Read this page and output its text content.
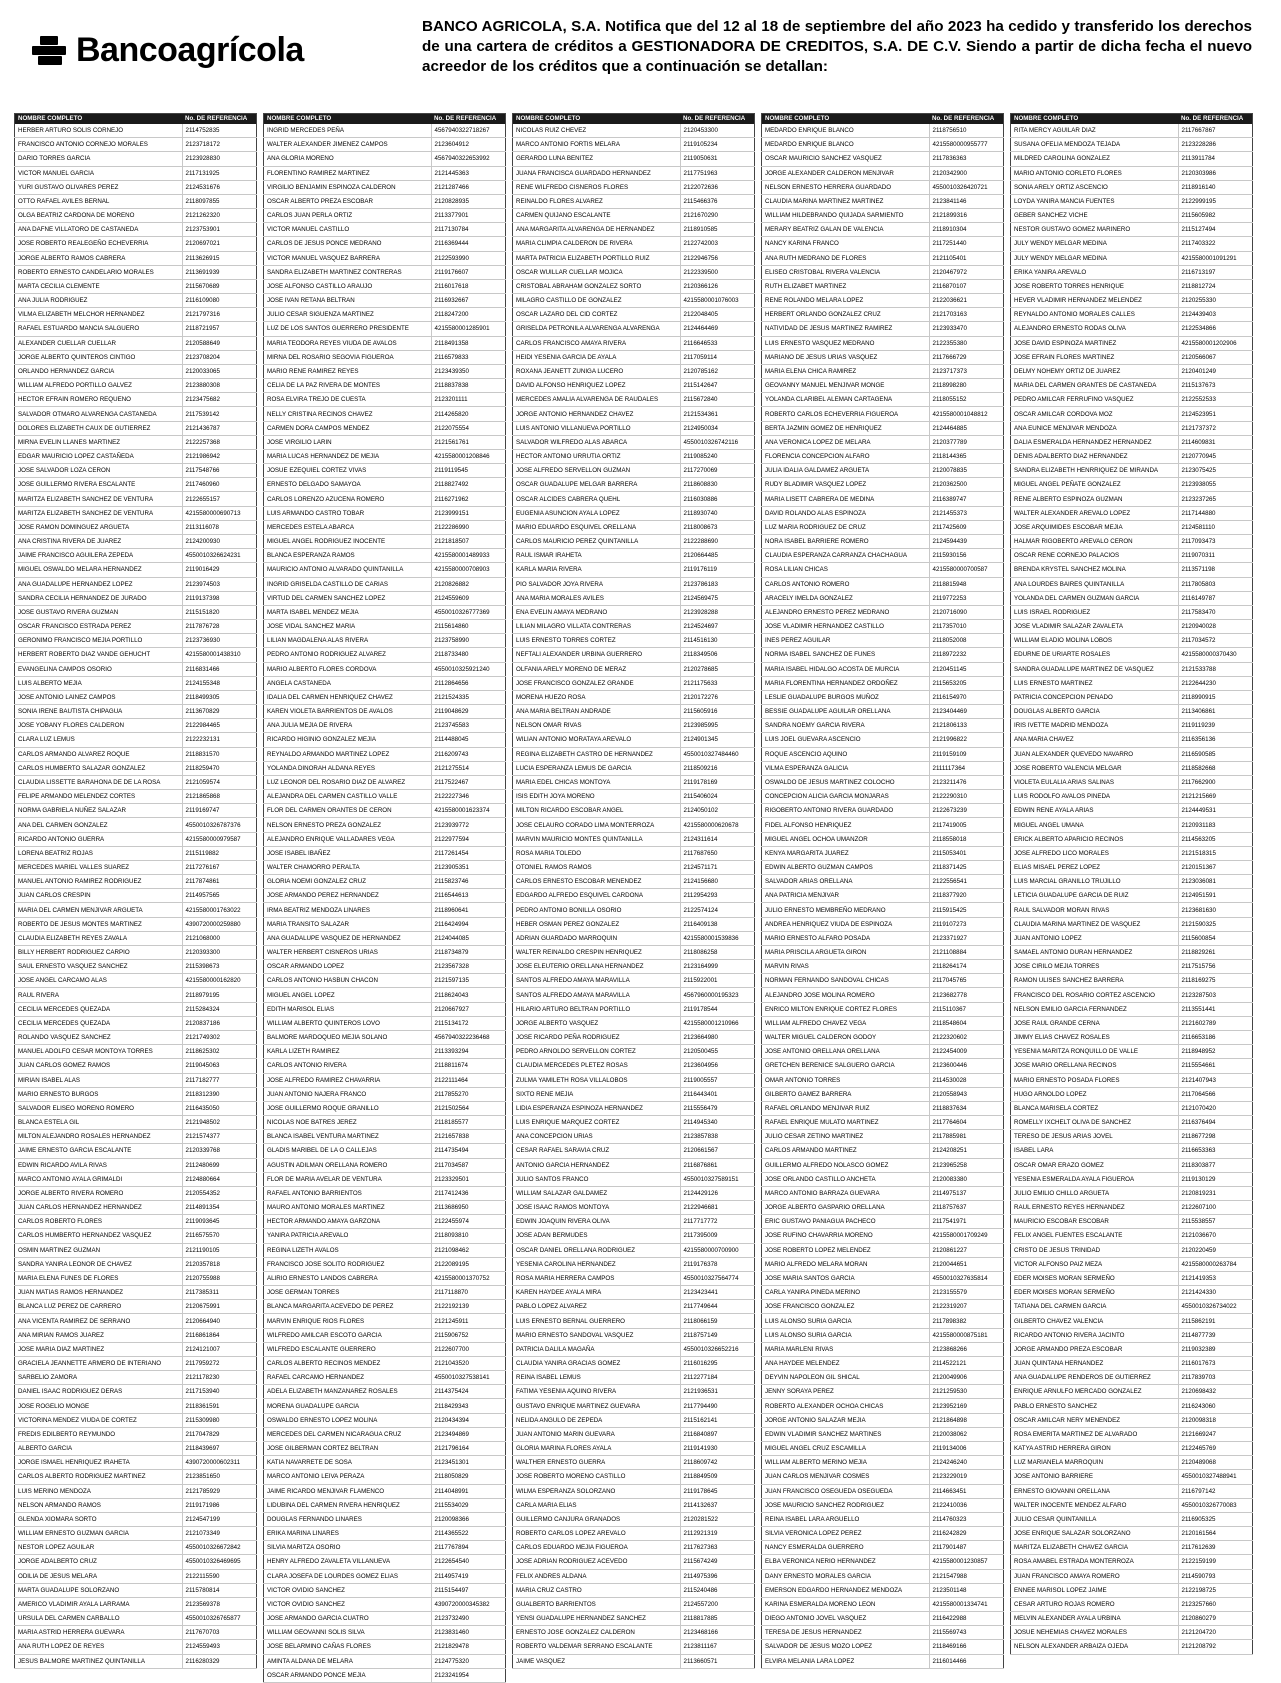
Bancoagrícola
BANCO AGRICOLA, S.A. Notifica que del 12 al 18 de septiembre del año 2023 ha cedido y transferido los derechos de una cartera de créditos a GESTIONADORA DE CREDITOS, S.A. DE C.V. Siendo a partir de dicha fecha el nuevo acreedor de los créditos que a continuación se detallan:
NOMBRE COMPLETO	No. DE REFERENCIA
HERBER ARTURO SOLIS CORNEJO	2114752835
FRANCISCO ANTONIO CORNEJO MORALES	2123718172
DARIO TORRES GARCIA	2123928830
VICTOR MANUEL GARCIA	2117131925
YURI GUSTAVO OLIVARES PEREZ	2124531676
OTTO RAFAEL AVILES BERNAL	2118097855
OLGA BEATRIZ CARDONA DE MORENO	2121262320
ANA DAFNE VILLATORO DE CASTANEDA	2123753901
JOSE ROBERTO REALEGEÑO ECHEVERRIA	2120697021
JORGE ALBERTO RAMOS CABRERA	2113626915
ROBERTO ERNESTO CANDELARIO MORALES	2113691939
MARTA CECILIA CLEMENTE	2115670689
ANA JULIA RODRIGUEZ	2116109080
VILMA ELIZABETH MELCHOR HERNANDEZ	2121797316
RAFAEL ESTUARDO MANCIA SALGUERO	2118721957
ALEXANDER CUELLAR CUELLAR	2120588649
JORGE ALBERTO QUINTEROS CINTIGO	2123708204
ORLANDO HERNANDEZ GARCIA	2120033065
WILLIAM ALFREDO PORTILLO GALVEZ	2123880308
HECTOR EFRAIN ROMERO REQUENO	2123475682
SALVADOR OTMARO ALVARENGA CASTANEDA	2117539142
DOLORES ELIZABETH CAUX DE GUTIERREZ	2121436787
MIRNA EVELIN LLANES MARTINEZ	2122257368
EDGAR MAURICIO LOPEZ CASTAÑEDA	2121986942
JOSE SALVADOR LOZA CERON	2117548766
JOSE GUILLERMO RIVERA ESCALANTE	2117460960
MARITZA ELIZABETH SANCHEZ DE VENTURA	2122655157
MARITZA ELIZABETH SANCHEZ DE VENTURA	4215580000690713
JOSE RAMON DOMINGUEZ ARGUETA	2113116078
ANA CRISTINA RIVERA DE JUAREZ	2124200930
JAIME FRANCISCO AGUILERA ZEPEDA	4550010326624231
MIGUEL OSWALDO MELARA HERNANDEZ	2119016429
ANA GUADALUPE HERNANDEZ LOPEZ	2123974503
SANDRA CECILIA HERNANDEZ DE JURADO	2119137398
JOSE GUSTAVO RIVERA GUZMAN	2115151820
OSCAR FRANCISCO ESTRADA PEREZ	2117876728
GERONIMO FRANCISCO MEJIA PORTILLO	2123736930
HERBERT ROBERTO DIAZ VANDE GEHUCHT	4215580001438310
EVANGELINA CAMPOS OSORIO	2116831466
LUIS ALBERTO MEJIA	2124155348
JOSE ANTONIO LAINEZ CAMPOS	2118499305
SONIA IRENE BAUTISTA CHIPAGUA	2113670829
JOSE YOBANY FLORES CALDERON	2122984465
CLARA LUZ LEMUS	2122232131
CARLOS ARMANDO ALVAREZ ROQUE	2118831570
CARLOS HUMBERTO SALAZAR GONZALEZ	2118259470
CLAUDIA LISSETTE BARAHONA DE DE LA ROSA	2121059574
FELIPE ARMANDO MELENDEZ CORTES	2121865868
NORMA GABRIELA NUÑEZ SALAZAR	2119169747
ANA DEL CARMEN GONZALEZ	4550010326787376
RICARDO ANTONIO GUERRA	4215580000979587
LORENA BEATRIZ ROJAS	2115119882
MERCEDES MARIEL VALLES SUAREZ	2117276167
MANUEL ANTONIO RAMIREZ RODRIGUEZ	2117874861
JUAN CARLOS CRESPIN	2114957565
MARIA DEL CARMEN MENJIVAR ARGUETA	4215580001763022
ROBERTO DE JESUS MONTES MARTINEZ	4390720000259880
CLAUDIA ELIZABETH REYES ZAVALA	2121068000
BILLY HERBERT RODRIGUEZ CARPIO	2120393300
SAUL ERNESTO VASQUEZ SANCHEZ	2115398673
JOSE ANGEL CARCAMO ALAS	4215580000162820
RAUL RIVERA	2118979195
CECILIA MERCEDES QUEZADA	2115284324
CECILIA MERCEDES QUEZADA	2120837186
ROLANDO VASQUEZ SANCHEZ	2121749302
MANUEL ADOLFO CESAR MONTOYA TORRES	2118625302
JUAN CARLOS GOMEZ RAMOS	2119045063
MIRIAN ISABEL ALAS	2117182777
MARIO ERNESTO BURGOS	2118312390
SALVADOR ELISEO MORENO ROMERO	2116435050
BLANCA ESTELA GIL	2121948502
MILTON ALEJANDRO ROSALES HERNANDEZ	2121574377
JAIME ERNESTO GARCIA ESCALANTE	2120339768
EDWIN RICARDO AVILA RIVAS	2112480699
MARCO ANTONIO AYALA GRIMALDI	2124880664
JORGE ALBERTO RIVERA ROMERO	2120554352
JUAN CARLOS HERNANDEZ HERNANDEZ	2114891354
CARLOS ROBERTO FLORES	2119093645
CARLOS HUMBERTO HERNANDEZ VASQUEZ	2116575570
OSMIN MARTINEZ GUZMAN	2121190105
SANDRA YANIRA LEONOR DE CHAVEZ	2120357818
MARIA ELENA FUNES DE FLORES	2120755988
JUAN MATIAS RAMOS HERNANDEZ	2117385311
BLANCA LUZ PEREZ DE CARRERO	2120675991
ANA VICENTA RAMIREZ DE SERRANO	2120664940
ANA MIRIAN RAMOS JUAREZ	2116861864
JOSE MARIA DIAZ MARTINEZ	2124121007
GRACIELA JEANNETTE ARMERO DE INTERIANO	2117959272
SARBELIO ZAMORA	2121178230
DANIEL ISAAC RODRIGUEZ DERAS	2117153940
JOSE ROGELIO MONGE	2118361591
VICTORINA MENDEZ VIUDA DE CORTEZ	2115309980
FREDIS EDILBERTO REYMUNDO	2117047829
ALBERTO GARCIA	2118439697
JORGE ISMAEL HENRIQUEZ IRAHETA	4390720000602311
CARLOS ALBERTO RODRIGUEZ MARTINEZ	2123851650
LUIS MERINO MENDOZA	2121785929
NELSON ARMANDO RAMOS	2119171986
GLENDA XIOMARA SORTO	2124547199
WILLIAM ERNESTO GUZMAN GARCIA	2121073349
NESTOR LOPEZ AGUILAR	4550010326672842
JORGE ADALBERTO CRUZ	4550010326469695
ODILIA DE JESUS MELARA	2122115590
MARTA GUADALUPE SOLORZANO	2115780814
AMERICO VLADIMIR AYALA LARRAMA	2123569378
URSULA DEL CARMEN CARBALLO	4550010326765877
MARIA ASTRID HERRERA GUEVARA	2117670703
ANA RUTH LOPEZ DE REYES	2124559493
JESUS BALMORE MARTINEZ QUINTANILLA	2116280329
NOMBRE COMPLETO	No. DE REFERENCIA
INGRID MERCEDES PEÑA	4567940322718267
WALTER ALEXANDER JIMENEZ CAMPOS	2123604912
ANA GLORIA MORENO	4567940322653992
FLORENTINO RAMIREZ MARTINEZ	2121445363
VIRGILIO BENJAMIN ESPINOZA CALDERON	2121287466
OSCAR ALBERTO PREZA ESCOBAR	2120828935
CARLOS JUAN PERLA ORTIZ	2113377901
VICTOR MANUEL CASTILLO	2117130784
CARLOS DE JESUS PONCE MEDRANO	2116369444
VICTOR MANUEL VASQUEZ BARRERA	2122593990
SANDRA ELIZABETH MARTINEZ CONTRERAS	2119176607
JOSE ALFONSO CASTILLO ARAUJO	2116017618
JOSE IVAN RETANA BELTRAN	2116932667
JULIO CESAR SIGUENZA MARTINEZ	2118247200
LUZ DE LOS SANTOS GUERRERO PRESIDENTE	4215580001285901
MARIA TEODORA REYES VIUDA DE AVALOS	2118491358
MIRNA DEL ROSARIO SEGOVIA FIGUEROA	2116579833
MARIO RENE RAMIREZ REYES	2123439350
CELIA DE LA PAZ RIVERA DE MONTES	2118837838
ROSA ELVIRA TREJO DE CUESTA	2123201111
NELLY CRISTINA RECINOS CHAVEZ	2114265820
CARMEN DORA CAMPOS MENDEZ	2122075554
JOSE VIRGILIO LARIN	2121561761
MARIA LUCAS HERNANDEZ DE MEJIA	4215580001208846
JOSUE EZEQUIEL CORTEZ VIVAS	2119119545
ERNESTO DELGADO SAMAYOA	2118827492
CARLOS LORENZO AZUCENA ROMERO	2116271962
LUIS ARMANDO CASTRO TOBAR	2123999151
MERCEDES ESTELA ABARCA	2122286990
MIGUEL ANGEL RODRIGUEZ INOCENTE	2121818507
BLANCA ESPERANZA RAMOS	4215580001489933
MAURICIO ANTONIO ALVARADO QUINTANILLA	4215580000708903
INGRID GRISELDA CASTILLO DE CARIAS	2120826882
VIRTUD DEL CARMEN SANCHEZ LOPEZ	2124559609
MARTA ISABEL MENDEZ MEJIA	4550010326777369
JOSE VIDAL SANCHEZ MARIA	2115614860
LILIAN MAGDALENA ALAS RIVERA	2123758990
PEDRO ANTONIO RODRIGUEZ ALVAREZ	2118733480
MARIO ALBERTO FLORES CORDOVA	4550010325921240
ANGELA CASTANEDA	2112864656
IDALIA DEL CARMEN HENRIQUEZ CHAVEZ	2121524335
KAREN VIOLETA BARRIENTOS DE AVALOS	2119048629
ANA JULIA MEJIA DE RIVERA	2123745583
RICARDO HIGINIO GONZALEZ MEJIA	2114488045
REYNALDO ARMANDO MARTINEZ LOPEZ	2116209743
YOLANDA DINORAH ALDANA REYES	2121275514
LUZ LEONOR DEL ROSARIO DIAZ DE ALVAREZ	2117522467
ALEJANDRA DEL CARMEN CASTILLO VALLE	2122227346
FLOR DEL CARMEN ORANTES DE CERON	4215580001623374
NELSON ERNESTO PREZA GONZALEZ	2123939772
ALEJANDRO ENRIQUE VALLADARES VEGA	2122977594
JOSE ISABEL IBAÑEZ	2117261454
WALTER CHAMORRO PERALTA	2123905351
GLORIA NOEMI GONZALEZ CRUZ	2115823746
JOSE ARMANDO PEREZ HERNANDEZ	2116544613
IRMA BEATRIZ MENDOZA LINARES	2118960641
MARIA TRANSITO SALAZAR	2116424994
ANA GUADALUPE VASQUEZ DE HERNANDEZ	2124044085
WALTER HERBERT CISNEROS URIAS	2118734879
OSCAR ARMANDO LOPEZ	2123567328
CARLOS ANTONIO HASBUN CHACON	2121597135
MIGUEL ANGEL LOPEZ	2118624043
EDITH MARISOL ELIAS	2120667927
WILLIAM ALBERTO QUINTEROS LOVO	2115134172
BALMORE MARDOQUEO MEJIA SOLANO	4567940322236468
KARLA LIZETH RAMIREZ	2113393294
CARLOS ANTONIO RIVERA	2118811674
JOSE ALFREDO RAMIREZ CHAVARRIA	2122111464
JUAN ANTONIO NAJERA FRANCO	2117855270
JOSE GUILLERMO ROQUE GRANILLO	2121502564
NICOLAS NOE BATRES JEREZ	2118185577
BLANCA ISABEL VENTURA MARTINEZ	2121657838
GLADIS MARIBEL DE LA O CALLEJAS	2114735494
AGUSTIN ADILMAN ORELLANA ROMERO	2117034587
FLOR DE MARIA AVELAR DE VENTURA	2123329501
RAFAEL ANTONIO BARRIENTOS	2117412436
MAURO ANTONIO MORALES MARTINEZ	2113686950
HECTOR ARMANDO AMAYA GARZONA	2122455974
YANIRA PATRICIA AREVALO	2118093810
REGINA LIZETH AVALOS	2121098462
FRANCISCO JOSE SOLITO RODRIGUEZ	2122089195
ALIRIO ERNESTO LANDOS CABRERA	4215580001370752
JOSE GERMAN TORRES	2117118870
BLANCA MARGARITA ACEVEDO DE PEREZ	2122192139
MARVIN ENRIQUE RIOS FLORES	2121245911
WILFREDO AMILCAR ESCOTO GARCIA	2115906752
WILFREDO ESCALANTE GUERRERO	2122607700
CARLOS ALBERTO RECINOS MENDEZ	2121043520
RAFAEL CARCAMO HERNANDEZ	4550010327538141
ADELA ELIZABETH MANZANAREZ ROSALES	2114375424
MORENA GUADALUPE GARCIA	2118429343
OSWALDO ERNESTO LOPEZ MOLINA	2120434394
MERCEDES DEL CARMEN NICARAGUA CRUZ	2123494869
JOSE GILBERMAN CORTEZ BELTRAN	2121796164
KATIA NAVARRETE DE SOSA	2123451301
MARCO ANTONIO LEIVA PERAZA	2118050829
JAIME RICARDO MENJIVAR FLAMENCO	2114048991
LIDUBINA DEL CARMEN RIVERA HENRIQUEZ	2115534029
DOUGLAS FERNANDO LINARES	2120098366
ERIKA MARINA LINARES	2114365522
SILVIA MARITZA OSORIO	2117767894
HENRY ALFREDO ZAVALETA VILLANUEVA	2122654540
CLARA JOSEFA DE LOURDES GOMEZ ELIAS	2114957419
VICTOR OVIDIO SANCHEZ	2115154497
VICTOR OVIDIO SANCHEZ	4390720000345382
JOSE ARMANDO GARCIA CUATRO	2123732490
WILLIAM GEOVANNI SOLIS SILVA	2123831460
JOSE BELARMINO CAÑAS FLORES	2121829478
AMINTA ALDANA DE MELARA	2124775320
OSCAR ARMANDO PONCE MEJIA	2123241954
NOMBRE COMPLETO	No. DE REFERENCIA
NICOLAS RUIZ CHEVEZ	2120453300
MARCO ANTONIO FORTIS MELARA	2119105234
GERARDO LUNA BENITEZ	2119050631
JUANA FRANCISCA GUARDADO HERNANDEZ	2117751963
RENE WILFREDO CISNEROS FLORES	2122072636
REINALDO FLORES ALVAREZ	2115466376
CARMEN QUIJANO ESCALANTE	2121670290
ANA MARGARITA ALVARENGA DE HERNANDEZ	2118910585
MARIA CLIMPIA CALDERON DE RIVERA	2122742003
MARTA PATRICIA ELIZABETH PORTILLO RUIZ	2122946756
OSCAR WUILLAR CUELLAR MOJICA	2122339500
CRISTOBAL ABRAHAM GONZALEZ SORTO	2120366126
MILAGRO CASTILLO DE GONZALEZ	4215580001076003
OSCAR LAZARO DEL CID CORTEZ	2122048405
GRISELDA PETRONILA ALVARENGA ALVARENGA	2124464469
CARLOS FRANCISCO AMAYA RIVERA	2116646533
HEIDI YESENIA GARCIA DE AYALA	2117059114
ROXANA JEANETT ZUNIGA LUCERO	2120785162
DAVID ALFONSO HENRIQUEZ LOPEZ	2115142647
MERCEDES AMALIA ALVARENGA DE RAUDALES	2115672840
JORGE ANTONIO HERNANDEZ CHAVEZ	2121534361
LUIS ANTONIO VILLANUEVA PORTILLO	2124950034
SALVADOR WILFREDO ALAS ABARCA	4550010326742116
HECTOR ANTONIO URRUTIA ORTIZ	2119085240
JOSE ALFREDO SERVELLON GUZMAN	2117270069
OSCAR GUADALUPE MELGAR BARRERA	2118608830
OSCAR ALCIDES CABRERA QUEHL	2116030886
EUGENIA ASUNCION AYALA LOPEZ	2118930740
MARIO EDUARDO ESQUIVEL ORELLANA	2118008673
CARLOS MAURICIO PEREZ QUINTANILLA	2122288690
RAUL ISMAR IRAHETA	2120664485
KARLA MARIA RIVERA	2119176119
PIO SALVADOR JOYA RIVERA	2123786183
ANA MARIA MORALES AVILES	2124569475
ENA EVELIN AMAYA MEDRANO	2123928288
LILIAN MILAGRO VILLATA CONTRERAS	2124524697
LUIS ERNESTO TORRES CORTEZ	2114516130
NEFTALI ALEXANDER URBINA GUERRERO	2118349506
OLFANIA ARELY MORENO DE MERAZ	2120278685
JOSE FRANCISCO GONZALEZ GRANDE	2121175633
MORENA HUEZO ROSA	2120172276
ANA MARIA BELTRAN ANDRADE	2115605916
NELSON OMAR RIVAS	2123985995
WILIAN ANTONIO MORATAYA AREVALO	2124901345
REGINA ELIZABETH CASTRO DE HERNANDEZ	4550010327484460
LUCIA ESPERANZA LEMUS DE GARCIA	2118509216
MARIA EDEL CHICAS MONTOYA	2119178169
ISIS EDITH JOYA MORENO	2115406024
MILTON RICARDO ESCOBAR ANGEL	2124050102
JOSE CELAURO CORADO LIMA MONTERROZA	4215580000620678
MARVIN MAURICIO MONTES QUINTANILLA	2124311614
ROSA MARIA TOLEDO	2117687650
OTONIEL RAMOS RAMOS	2124571171
CARLOS ERNESTO ESCOBAR MENENDEZ	2124156680
EDGARDO ALFREDO ESQUIVEL CARDONA	2112954293
PEDRO ANTONIO BONILLA OSORIO	2122574124
HEBER OSMAN PEREZ GONZALEZ	2116409138
ADRIAN GUARDADO MARROQUIN	4215580001539836
WALTER REINALDO CRESPIN HENRIQUEZ	2118086258
JOSE ELEUTERIO ORELLANA HERNANDEZ	2123164999
SANTOS ALFREDO AMAYA MARAVILLA	2115922001
SANTOS ALFREDO AMAYA MARAVILLA	4567960000195323
HILARIO ARTURO BELTRAN PORTILLO	2119178544
JORGE ALBERTO VASQUEZ	4215580001210966
JOSE RICARDO PEÑA RODRIGUEZ	2123664980
PEDRO ARNOLDO SERVELLON CORTEZ	2120500455
CLAUDIA MERCEDES PLETEZ ROSAS	2123604956
ZULMA YAMILETH ROSA VILLALOBOS	2119005557
SIXTO RENE MEJIA	2116443401
LIDIA ESPERANZA ESPINOZA HERNANDEZ	2115556479
LUIS ENRIQUE MARQUEZ CORTEZ	2114945340
ANA CONCEPCION URIAS	2123857838
CESAR RAFAEL SARAVIA CRUZ	2120661567
ANTONIO GARCIA HERNANDEZ	2116876861
JULIO SANTOS FRANCO	4550010327589151
WILLIAM SALAZAR GALDAMEZ	2124429126
JOSE ISAAC RAMOS MONTOYA	2122946681
EDWIN JOAQUIN RIVERA OLIVA	2117717772
JOSE ADAN BERMUDES	2117395009
OSCAR DANIEL ORELLANA RODRIGUEZ	4215580000700900
YESENIA CAROLINA HERNANDEZ	2119176378
ROSA MARIA HERRERA CAMPOS	4550010327564774
KAREN HAYDEE AYALA MIRA	2123423441
PABLO LOPEZ ALVAREZ	2117749644
LUIS ERNESTO BERNAL GUERRERO	2118066159
MARIO ERNESTO SANDOVAL VASQUEZ	2118757149
PATRICIA DALILA MAGAÑA	4550010326652216
CLAUDIA YANIRA GRACIAS GOMEZ	2116016295
REINA ISABEL LEMUS	2112277184
FATIMA YESENIA AQUINO RIVERA	2121936531
GUSTAVO ENRIQUE MARTINEZ GUEVARA	2117794490
NELIDA ANGULO DE ZEPEDA	2115162141
JUAN ANTONIO MARIN GUEVARA	2116840897
GLORIA MARINA FLORES AYALA	2119141930
WALTHER ERNESTO GUERRA	2118609742
JOSE ROBERTO MORENO CASTILLO	2118849509
WILMA ESPERANZA SOLORZANO	2119178645
CARLA MARIA ELIAS	2114132637
GUILLERMO CANJURA GRANADOS	2120281522
ROBERTO CARLOS LOPEZ AREVALO	2112921319
CARLOS EDUARDO MEJIA FIGUEROA	2117627363
JOSE ADRIAN RODRIGUEZ ACEVEDO	2115674249
FELIX ANDRES ALDANA	2114975396
MARIA CRUZ CASTRO	2115240486
GUALBERTO BARRIENTOS	2124557200
YENSI GUADALUPE HERNANDEZ SANCHEZ	2118817885
ERNESTO JOSE GONZALEZ CALDERON	2123468166
ROBERTO VALDEMAR SERRANO ESCALANTE	2123811167
JAIME VASQUEZ	2113660571
NOMBRE COMPLETO	No. DE REFERENCIA
MEDARDO ENRIQUE BLANCO	2118756510
MEDARDO ENRIQUE BLANCO	4215580000955777
OSCAR MAURICIO SANCHEZ VASQUEZ	2117836363
JORGE ALEXANDER CALDERON MENJIVAR	2120342900
NELSON ERNESTO HERRERA GUARDADO	4550010326420721
CLAUDIA MARINA MARTINEZ MARTINEZ	2123841146
WILLIAM HILDEBRANDO QUIJADA SARMIENTO	2121899316
MERARY BEATRIZ GALAN DE VALENCIA	2118910304
NANCY KARINA FRANCO	2117251440
ANA RUTH MEDRANO DE FLORES	2121105401
ELISEO CRISTOBAL RIVERA VALENCIA	2120467972
RUTH ELIZABET MARTINEZ	2116870107
RENE ROLANDO MELARA LOPEZ	2122036621
HERBERT ORLANDO GONZALEZ CRUZ	2121703163
NATIVIDAD DE JESUS MARTINEZ RAMIREZ	2123933470
LUIS ERNESTO VASQUEZ MEDRANO	2122355380
MARIANO DE JESUS URIAS VASQUEZ	2117666729
MARIA ELENA CHICA RAMIREZ	2123717373
GEOVANNY MANUEL MENJIVAR MONGE	2118998280
YOLANDA CLARIBEL ALEMAN CARTAGENA	2118055152
ROBERTO CARLOS ECHEVERRIA FIGUEROA	4215580001048812
BERTA JAZMIN GOMEZ DE HENRIQUEZ	2124464885
ANA VERONICA LOPEZ DE MELARA	2120377789
FLORENCIA CONCEPCION ALFARO	2118144365
JULIA IDALIA GALDAMEZ ARGUETA	2120078835
RUDY BLADIMIR VASQUEZ LOPEZ	2120362500
MARIA LISETT CABRERA DE MEDINA	2116389747
DAVID ROLANDO ALAS ESPINOZA	2121455373
LUZ MARIA RODRIGUEZ DE CRUZ	2117425609
NORA ISABEL BARRIERE ROMERO	2124594439
CLAUDIA ESPERANZA CARRANZA CHACHAGUA	2115930156
ROSA LILIAN CHICAS	4215580000700587
CARLOS ANTONIO ROMERO	2118815948
ARACELY IMELDA GONZALEZ	2119772253
ALEJANDRO ERNESTO PEREZ MEDRANO	2120716090
JOSE VLADIMIR HERNANDEZ CASTILLO	2117357010
INES PEREZ AGUILAR	2118052008
NORMA ISABEL SANCHEZ DE FUNES	2118972232
MARIA ISABEL HIDALGO ACOSTA DE MURCIA	2120451145
MARIA FLORENTINA HERNANDEZ ORDOÑEZ	2115653205
LESLIE GUADALUPE BURGOS MUÑOZ	2116154970
BESSIE GUADALUPE AGUILAR ORELLANA	2123404469
SANDRA NOEMY GARCIA RIVERA	2121806133
LUIS JOEL GUEVARA ASCENCIO	2121996822
ROQUE ASCENCIO AQUINO	2119159109
VILMA ESPERANZA GALICIA	2111117364
OSWALDO DE JESUS MARTINEZ COLOCHO	2123211476
CONCEPCION ALICIA GARCIA MONJARAS	2122290310
RIGOBERTO ANTONIO RIVERA GUARDADO	2122673239
FIDEL ALFONSO HENRIQUEZ	2117419005
MIGUEL ANGEL OCHOA UMANZOR	2118558018
KENYA MARGARITA JUAREZ	2115053401
EDWIN ALBERTO GUZMAN CAMPOS	2118371425
SALVADOR ARIAS ORELLANA	2122556541
ANA PATRICIA MENJIVAR	2118377920
JULIO ERNESTO MEMBREÑO MEDRANO	2115915425
ANDREA HENRIQUEZ VIUDA DE ESPINOZA	2119107273
MARIO ERNESTO ALFARO POSADA	2123371927
MARIA PRISCILA ARGUETA GIRON	2121108884
MARVIN RIVAS	2118264174
NORMAN FERNANDO SANDOVAL CHICAS	2117045765
ALEJANDRO JOSE MOLINA ROMERO	2123682778
ENRICO MILTON ENRIQUE CORTEZ FLORES	2115110367
WILLIAM ALFREDO CHAVEZ VEGA	2118548604
WALTER MIGUEL CALDERON GODOY	2122320602
JOSE ANTONIO ORELLANA ORELLANA	2122454009
GRETCHEN BERENICE SALGUERO GARCIA	2123600446
OMAR ANTONIO TORRES	2114530028
GILBERTO GAMEZ BARRERA	2120558943
RAFAEL ORLANDO MENJIVAR RUIZ	2118837634
RAFAEL ENRIQUE MULATO MARTINEZ	2117764604
JULIO CESAR ZETINO MARTINEZ	2117885981
CARLOS ARMANDO MARTINEZ	2124208251
GUILLERMO ALFREDO NOLASCO GOMEZ	2123965258
JOSE ORLANDO CASTILLO ANCHETA	2120083380
MARCO ANTONIO BARRAZA GUEVARA	2114975137
JORGE ALBERTO GASPARIO ORELLANA	2118757637
ERIC GUSTAVO PANIAGUA PACHECO	2117541971
JOSE RUFINO CHAVARRIA MORENO	4215580001709249
JOSE ROBERTO LOPEZ MELENDEZ	2120861227
MARIO ALFREDO MELARA MORAN	2120044651
JOSE MARIA SANTOS GARCIA	4550010327635814
CARLA YANIRA PINEDA MERINO	2123155579
JOSE FRANCISCO GONZALEZ	2122319207
LUIS ALONSO SURIA GARCIA	2117898382
LUIS ALONSO SURIA GARCIA	4215580000875181
MARIA MARLENI RIVAS	2123868266
ANA HAYDEE MELENDEZ	2114522121
DEYVIN NAPOLEON GIL SHICAL	2120049906
JENNY SORAYA PEREZ	2121259530
ROBERTO ALEXANDER OCHOA CHICAS	2123952169
JORGE ANTONIO SALAZAR MEJIA	2121864898
EDWIN VLADIMIR SANCHEZ MARTINES	2120038062
MIGUEL ANGEL CRUZ ESCAMILLA	2119134006
WILLIAM ALBERTO MERINO MEJIA	2124246240
JUAN CARLOS MENJIVAR COSMES	2123229019
JUAN FRANCISCO OSEGUEDA OSEGUEDA	2114663451
JOSE MAURICIO SANCHEZ RODRIGUEZ	2122410036
REINA ISABEL LARA ARGUELLO	2114760323
SILVIA VERONICA LOPEZ PEREZ	2116242829
NANCY ESMERALDA GUERRERO	2117901487
ELBA VERONICA NERIO HERNANDEZ	4215580001230857
DANY ERNESTO MORALES GARCIA	2121547988
EMERSON EDGARDO HERNANDEZ MENDOZA	2123501148
KARINA ESMERALDA MORENO LEON	4215580001334741
DIEGO ANTONIO JOVEL VASQUEZ	2116422988
TERESA DE JESUS HERNANDEZ	2115569743
SALVADOR DE JESUS MOZO LOPEZ	2118469166
ELVIRA MELANIA LARA LOPEZ	2116014466
NOMBRE COMPLETO	No. DE REFERENCIA
RITA MERCY AGUILAR DIAZ	2117667867
SUSANA OFELIA MENDOZA TEJADA	2123228286
MILDRED CAROLINA GONZALEZ	2113911784
MARIO ANTONIO CORLETO FLORES	2120303986
SONIA ARELY ORTIZ ASCENCIO	2118916140
LOYDA YANIRA MANCIA FUENTES	2122999195
GEBER SANCHEZ VICHE	2115605982
NESTOR GUSTAVO GOMEZ MARINERO	2115127494
JULY WENDY MELGAR MEDINA	2117403322
JULY WENDY MELGAR MEDINA	4215580001091291
ERIKA YANIRA AREVALO	2116713197
JOSE ROBERTO TORRES HENRIQUE	2118812724
HEVER VLADIMIR HERNANDEZ MELENDEZ	2120255330
REYNALDO ANTONIO MORALES CALLES	2124439403
ALEJANDRO ERNESTO RODAS OLIVA	2122534866
JOSE DAVID ESPINOZA MARTINEZ	4215580001202906
JOSE EFRAIN FLORES MARTINEZ	2120566067
DELMY NOHEMY ORTIZ DE JUAREZ	2120401249
MARIA DEL CARMEN GRANTES DE CASTANEDA	2115137673
PEDRO AMILCAR FERRUFINO VASQUEZ	2122552533
OSCAR AMILCAR CORDOVA MOZ	2124523951
ANA EUNICE MENJIVAR MENDOZA	2121737372
DALIA ESMERALDA HERNANDEZ HERNANDEZ	2114609831
DENIS ADALBERTO DIAZ HERNANDEZ	2120770945
SANDRA ELIZABETH HENRRIQUEZ DE MIRANDA	2123075425
MIGUEL ANGEL PEÑATE GONZALEZ	2123938055
RENE ALBERTO ESPINOZA GUZMAN	2123237265
WALTER ALEXANDER AREVALO LOPEZ	2117144880
JOSE ARQUIMIDES ESCOBAR MEJIA	2124581110
HALMAR RIGOBERTO AREVALO CERON	2117093473
OSCAR RENE CORNEJO PALACIOS	2119070311
BRENDA KRYSTEL SANCHEZ MOLINA	2113571198
ANA LOURDES BAIRES QUINTANILLA	2117805803
YOLANDA DEL CARMEN GUZMAN GARCIA	2116149787
LUIS ISRAEL RODRIGUEZ	2117583470
JOSE VLADIMIR SALAZAR ZAVALETA	2120940028
WILLIAM ELADIO MOLINA LOBOS	2117034572
EDURNE DE URIARTE ROSALES	4215580000370430
SANDRA GUADALUPE MARTINEZ DE VASQUEZ	2121533788
LUIS ERNESTO MARTINEZ	2122644230
PATRICIA CONCEPCION PENADO	2118990915
DOUGLAS ALBERTO GARCIA	2113406861
IRIS IVETTE MADRID MENDOZA	2119119239
ANA MARIA CHAVEZ	2116356136
JUAN ALEXANDER QUEVEDO NAVARRO	2116590585
JOSE ROBERTO VALENCIA MELGAR	2118582668
VIOLETA EULALIA ARIAS SALINAS	2117662900
LUIS RODOLFO AVALOS PINEDA	2121215669
EDWIN RENE AYALA ARIAS	2124449531
MIGUEL ANGEL UMANA	2120931183
ERICK ALBERTO APARICIO RECINOS	2114563205
JOSE ALFREDO LICO MORALES	2121518315
ELIAS MISAEL PEREZ LOPEZ	2120151367
LUIS MARCIAL GRANILLO TRUJILLO	2123036081
LETICIA GUADALUPE GARCIA DE RUIZ	2124951591
RAUL SALVADOR MORAN RIVAS	2123681630
CLAUDIA MARINA MARTINEZ DE VASQUEZ	2121590325
JUAN ANTONIO LOPEZ	2115600854
SAMAEL ANTONIO DURAN HERNANDEZ	2118829261
JOSE CIRILO MEJIA TORRES	2117515756
RAMON ULISES SANCHEZ BARRERA	2118169275
FRANCISCO DEL ROSARIO CORTEZ ASCENCIO	2123287503
NELSON EMILIO GARCIA FERNANDEZ	2113551441
JOSE RAUL GRANDE CERNA	2121602789
JIMMY ELIAS CHAVEZ ROSALES	2116653186
YESENIA MARITZA RONQUILLO DE VALLE	2118948952
JOSE MARIO ORELLANA RECINOS	2115554661
MARIO ERNESTO POSADA FLORES	2121407943
HUGO ARNOLDO LOPEZ	2117064566
BLANCA MARISELA CORTEZ	2121070420
ROMELLY IXCHELT OLIVA DE SANCHEZ	2116376494
TERESO DE JESUS ARIAS JOVEL	2118677298
ISABEL LARA	2116653363
OSCAR OMAR ERAZO GOMEZ	2118303877
YESENIA ESMERALDA AYALA FIGUEROA	2119130129
JULIO EMILIO CHILLO ARGUETA	2120819231
RAUL ERNESTO REYES HERNANDEZ	2122607100
MAURICIO ESCOBAR ESCOBAR	2115538557
FELIX ANGEL FUENTES ESCALANTE	2121036670
CRISTO DE JESUS TRINIDAD	2120220459
VICTOR ALFONSO PAIZ MEZA	4215580000263784
EDER MOISES MORAN SERMEÑO	2121419353
EDER MOISES MORAN SERMEÑO	2121424330
TATIANA DEL CARMEN GARCIA	4550010326734022
GILBERTO CHAVEZ VALENCIA	2115862191
RICARDO ANTONIO RIVERA JACINTO	2114877739
JORGE ARMANDO PREZA ESCOBAR	2119032389
JUAN QUINTANA HERNANDEZ	2116017673
ANA GUADALUPE RENDEROS DE GUTIERREZ	2117839703
ENRIQUE ARNULFO MERCADO GONZALEZ	2120698432
PABLO ERNESTO SANCHEZ	2116243060
OSCAR AMILCAR NERY MENENDEZ	2120098318
ROSA EMERITA MARTINEZ DE ALVARADO	2121669247
KATYA ASTRID HERRERA GIRON	2122465769
LUZ MARIANELA MARROQUIN	2120489068
JOSE ANTONIO BARRIERE	4550010327488941
ERNESTO GIOVANNI ORELLANA	2116797142
WALTER INOCENTE MENDEZ ALFARO	4550010326770083
JULIO CESAR QUINTANILLA	2116905325
JOSE ENRIQUE SALAZAR SOLORZANO	2120161564
MARITZA ELIZABETH CHAVEZ GARCIA	2117612639
ROSA AMABEL ESTRADA MONTERROZA	2122159199
JUAN FRANCISCO AMAYA ROMERO	2114590793
ENNEE MARISOL LOPEZ JAIME	2122198725
CESAR ARTURO ROJAS ROMERO	2123257660
MELVIN ALEXANDER AYALA URBINA	2120860279
JOSUE NEHEMIAS CHAVEZ MORALES	2121204720
NELSON ALEXANDER ARBAIZA OJEDA	2121208792
